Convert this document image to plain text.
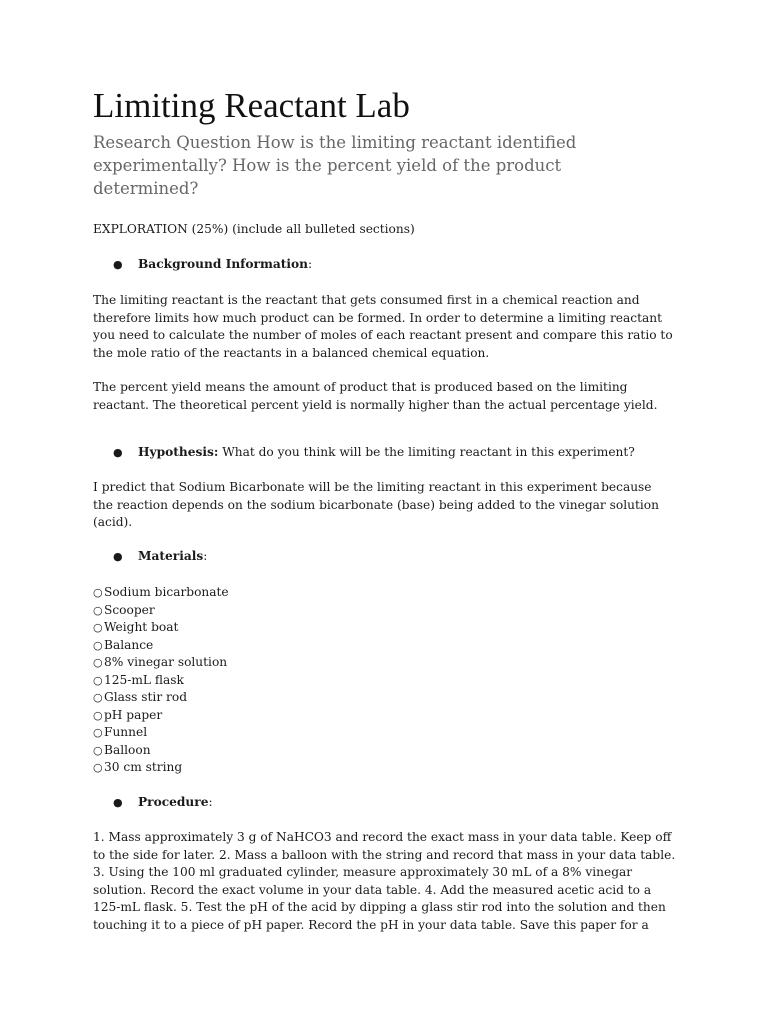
Limiting Reactant Lab
Research Question How is the limiting reactant identified experimentally? How is the percent yield of the product determined?

EXPLORATION (25%) (include all bulleted sections)

● Background Information:

The limiting reactant is the reactant that gets consumed first in a chemical reaction and
therefore limits how much product can be formed. In order to determine a limiting reactant
you need to calculate the number of moles of each reactant present and compare this ratio to
the mole ratio of the reactants in a balanced chemical equation.

The percent yield means the amount of product that is produced based on the limiting
reactant. The theoretical percent yield is normally higher than the actual percentage yield.

● Hypothesis: What do you think will be the limiting reactant in this experiment?

I predict that Sodium Bicarbonate will be the limiting reactant in this experiment because
the reaction depends on the sodium bicarbonate (base) being added to the vinegar solution
(acid).

● Materials:

○Sodium bicarbonate
○Scooper
○Weight boat
○Balance
○8% vinegar solution
○125-mL flask
○Glass stir rod
○pH paper
○Funnel
○Balloon
○30 cm string

● Procedure:

1. Mass approximately 3 g of NaHCO3 and record the exact mass in your data table. Keep off
to the side for later. 2. Mass a balloon with the string and record that mass in your data table.
3. Using the 100 ml graduated cylinder, measure approximately 30 mL of a 8% vinegar
solution. Record the exact volume in your data table. 4. Add the measured acetic acid to a
125-mL flask. 5. Test the pH of the acid by dipping a glass stir rod into the solution and then
touching it to a piece of pH paper. Record the pH in your data table. Save this paper for a
